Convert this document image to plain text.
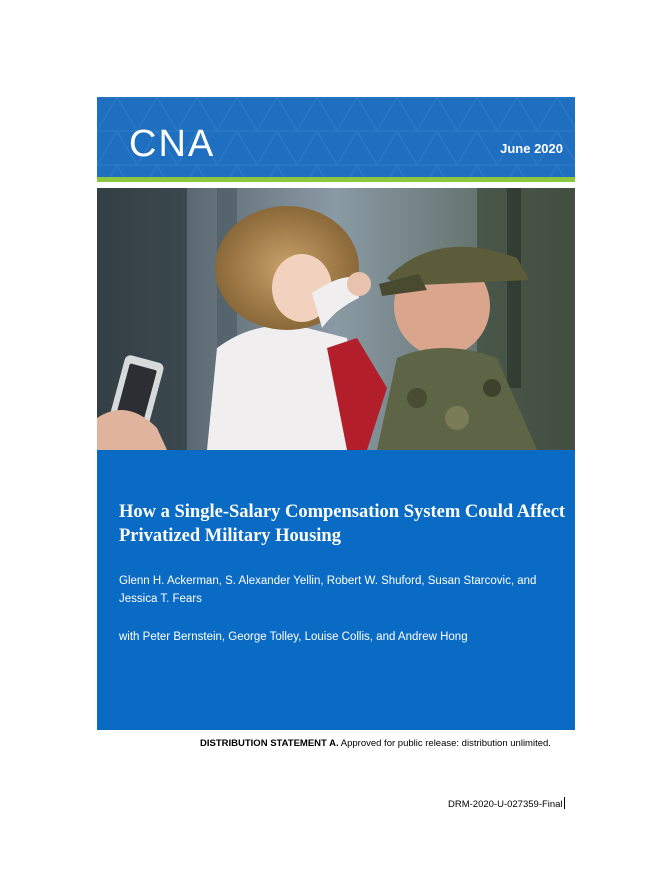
CNA	June 2020
How a Single-Salary Compensation System Could Affect Privatized Military Housing
Glenn H. Ackerman, S. Alexander Yellin, Robert W. Shuford, Susan Starcovic, and Jessica T. Fears
with Peter Bernstein, George Tolley, Louise Collis, and Andrew Hong
DISTRIBUTION STATEMENT A. Approved for public release: distribution unlimited.
DRM-2020-U-027359-Final
